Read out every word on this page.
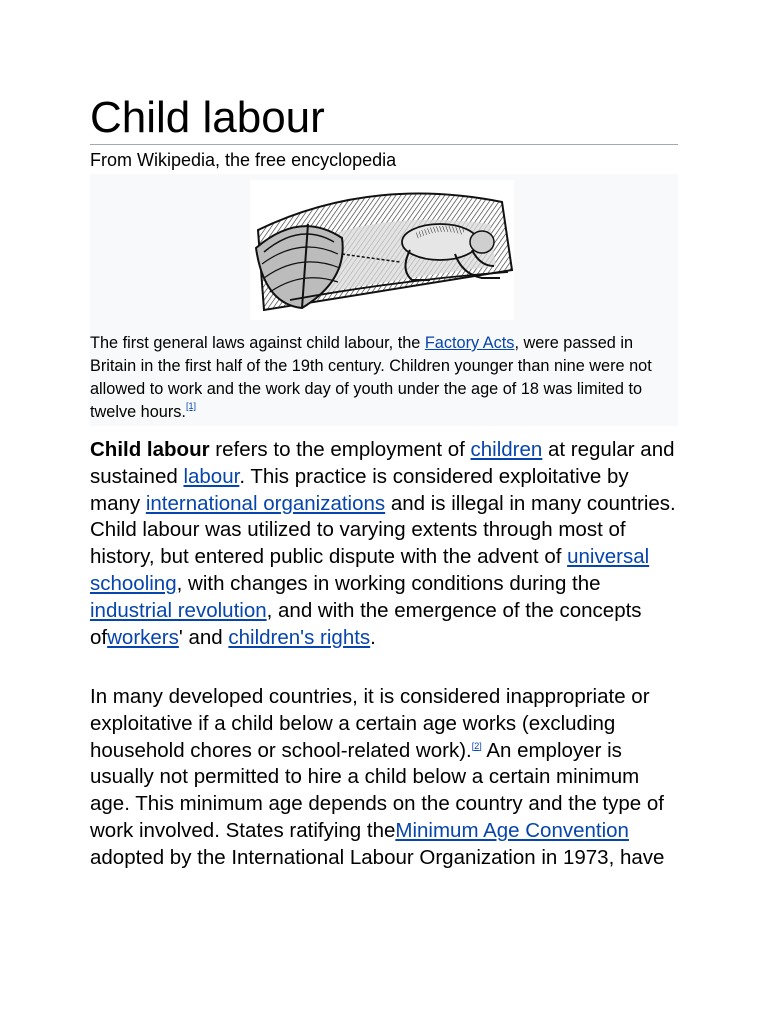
Child labour
From Wikipedia, the free encyclopedia
The first general laws against child labour, the Factory Acts, were passed in Britain in the first half of the 19th century. Children younger than nine were not allowed to work and the work day of youth under the age of 18 was limited to twelve hours.[1]

Child labour refers to the employment of children at regular and sustained labour. This practice is considered exploitative by many international organizations and is illegal in many countries. Child labour was utilized to varying extents through most of history, but entered public dispute with the advent of universal schooling, with changes in working conditions during the industrial revolution, and with the emergence of the concepts ofworkers' and children's rights.

In many developed countries, it is considered inappropriate or exploitative if a child below a certain age works (excluding household chores or school-related work).[2] An employer is usually not permitted to hire a child below a certain minimum age. This minimum age depends on the country and the type of work involved. States ratifying theMinimum Age Convention adopted by the International Labour Organization in 1973, have
